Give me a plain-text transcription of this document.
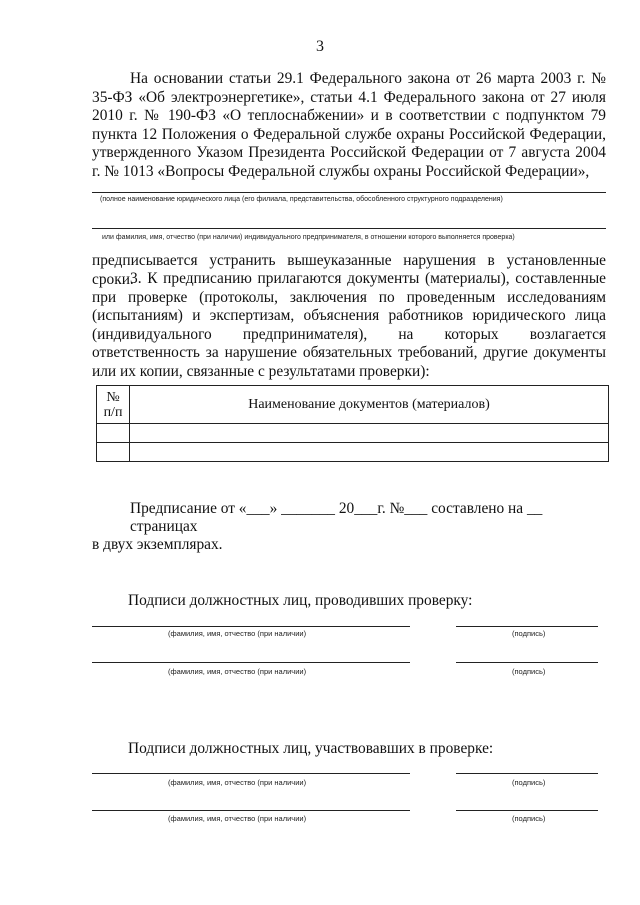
3
На основании статьи 29.1 Федерального закона от 26 марта 2003 г. № 35-ФЗ «Об электроэнергетике», статьи 4.1 Федерального закона от 27 июля 2010 г. № 190-ФЗ «О теплоснабжении» и в соответствии с подпунктом 79 пункта 12 Положения о Федеральной службе охраны Российской Федерации, утвержденного Указом Президента Российской Федерации от 7 августа 2004 г. № 1013 «Вопросы Федеральной службы охраны Российской Федерации»,
(полное наименование юридического лица (его филиала, представительства, обособленного структурного подразделения)
или фамилия, имя, отчество (при наличии) индивидуального предпринимателя, в отношении которого выполняется проверка)
предписывается устранить вышеуказанные нарушения в установленные сроки.
3. К предписанию прилагаются документы (материалы), составленные при проверке (протоколы, заключения по проведенным исследованиям (испытаниям) и экспертизам, объяснения работников юридического лица (индивидуального предпринимателя), на которых возлагается ответственность за нарушение обязательных требований, другие документы или их копии, связанные с результатами проверки):
№
п/п	Наименование документов (материалов)

Предписание от «___» _______ 20___г. №___ составлено на __ страницах
в двух экземплярах.
Подписи должностных лиц, проводивших проверку:
(фамилия, имя, отчество (при наличии)	(подпись)
(фамилия, имя, отчество (при наличии)	(подпись)
Подписи должностных лиц, участвовавших в проверке:
(фамилия, имя, отчество (при наличии)	(подпись)
(фамилия, имя, отчество (при наличии)	(подпись)
